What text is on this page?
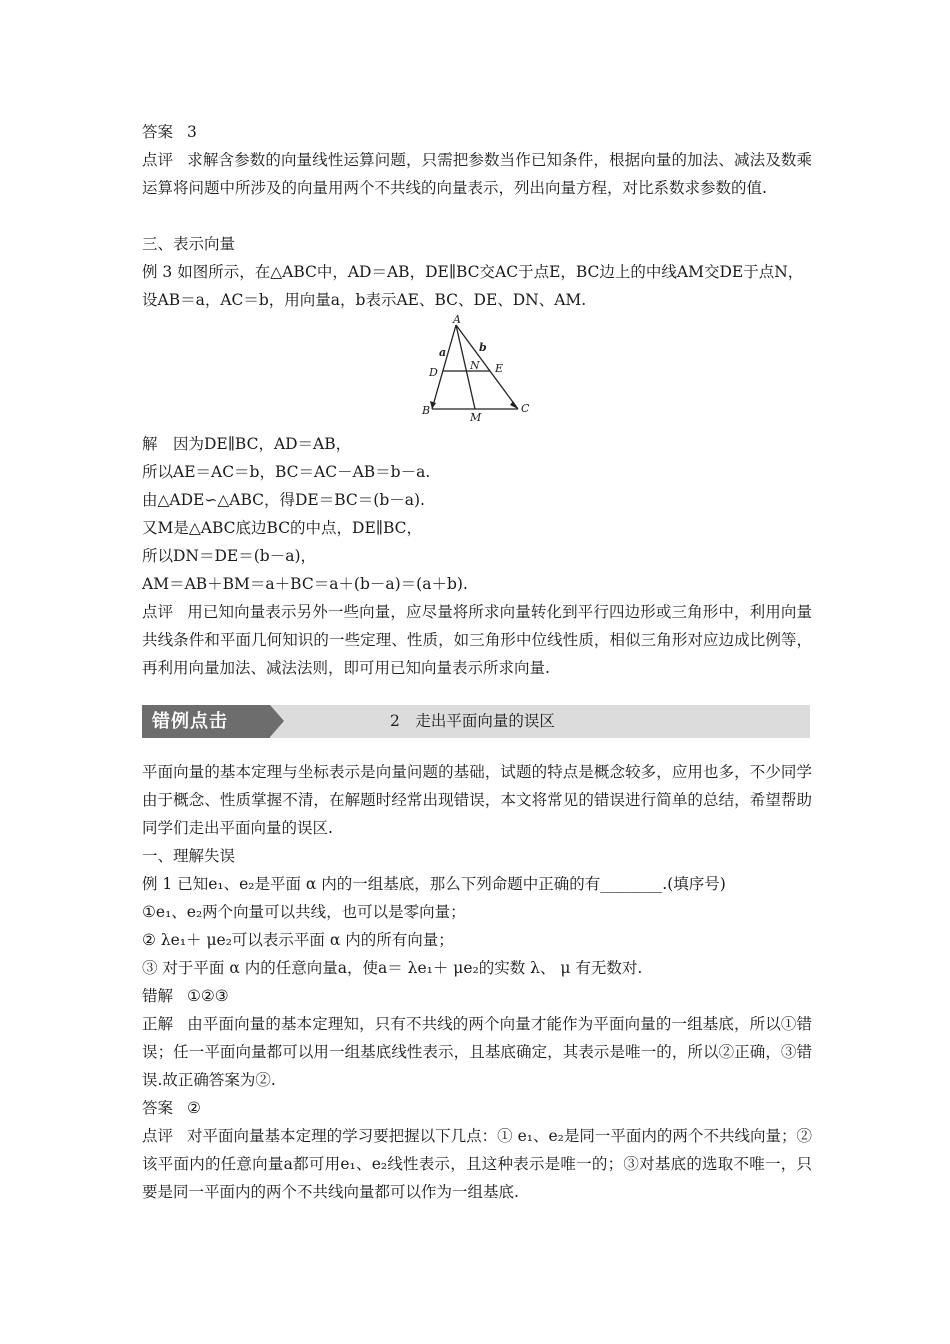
答案 3
点评 求解含参数的向量线性运算问题，只需把参数当作已知条件，根据向量的加法、减法及数乘运算将问题中所涉及的向量用两个不共线的向量表示，列出向量方程，对比系数求参数的值.
三、表示向量
例 3 如图所示，在△ABC中，AD＝AB，DE∥BC交AC于点E，BC边上的中线AM交DE于点N，
设AB＝a，AC＝b，用向量a，b表示AE、BC、DE、DN、AM.
A
B	C
D	E
N
M
a	b
解　因为DE∥BC，AD＝AB，
所以AE＝AC＝b，BC＝AC－AB＝b－a.
由△ADE∽△ABC，得DE＝BC＝(b－a).
又M是△ABC底边BC的中点，DE∥BC，
所以DN＝DE＝(b－a)，
AM＝AB＋BM＝a＋BC＝a＋(b－a)＝(a＋b).
点评 用已知向量表示另外一些向量，应尽量将所求向量转化到平行四边形或三角形中，利用向量共线条件和平面几何知识的一些定理、性质，如三角形中位线性质，相似三角形对应边成比例等，再利用向量加法、减法法则，即可用已知向量表示所求向量.
错例点击	2　走出平面向量的误区
平面向量的基本定理与坐标表示是向量问题的基础，试题的特点是概念较多，应用也多，不少同学由于概念、性质掌握不清，在解题时经常出现错误，本文将常见的错误进行简单的总结，希望帮助同学们走出平面向量的误区.
一、理解失误
例 1 已知e₁、e₂是平面 α 内的一组基底，那么下列命题中正确的有________.(填序号)
①e₁、e₂两个向量可以共线，也可以是零向量；
② λe₁＋ μe₂可以表示平面 α 内的所有向量；
③ 对于平面 α 内的任意向量a，使a＝ λe₁＋ μe₂的实数 λ、 μ 有无数对.
错解 ①②③
正解 由平面向量的基本定理知，只有不共线的两个向量才能作为平面向量的一组基底，所以①错误；任一平面向量都可以用一组基底线性表示，且基底确定，其表示是唯一的，所以②正确，③错误.故正确答案为②.
答案 ②
点评 对平面向量基本定理的学习要把握以下几点：① e₁、e₂是同一平面内的两个不共线向量；②该平面内的任意向量a都可用e₁、e₂线性表示，且这种表示是唯一的；③对基底的选取不唯一，只要是同一平面内的两个不共线向量都可以作为一组基底.
